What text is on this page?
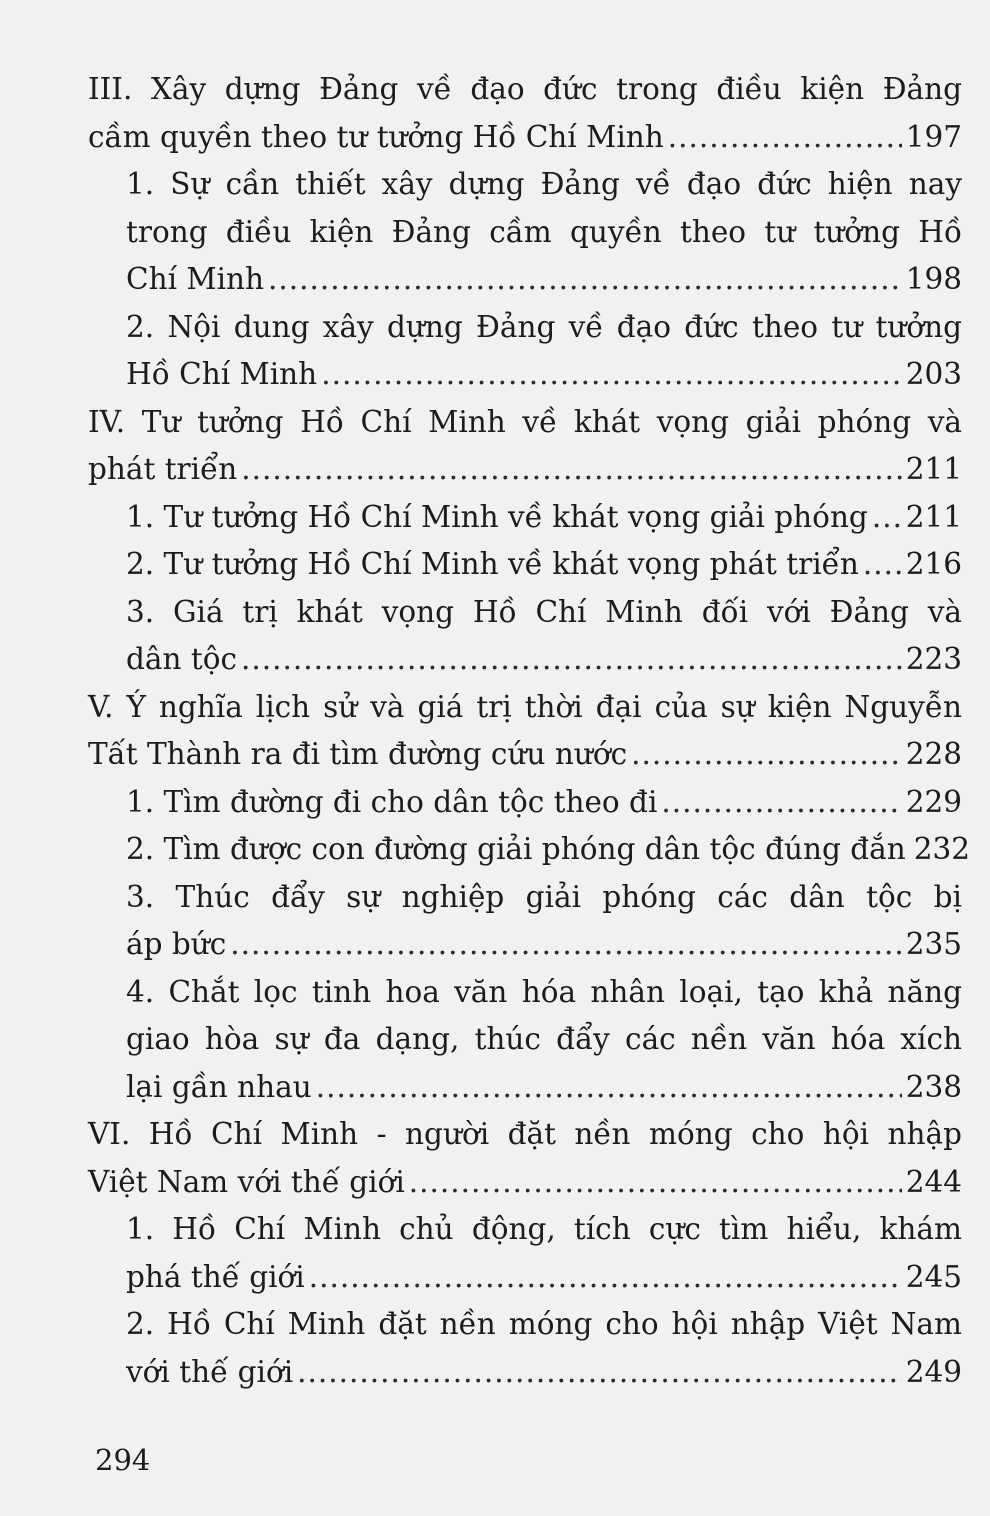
III. Xây dựng Đảng về đạo đức trong điều kiện Đảng
cầm quyền theo tư tưởng Hồ Chí Minh .....	197
1. Sự cần thiết xây dựng Đảng về đạo đức hiện nay
trong điều kiện Đảng cầm quyền theo tư tưởng Hồ
Chí Minh .....	198
2. Nội dung xây dựng Đảng về đạo đức theo tư tưởng
Hồ Chí Minh .....	203
IV. Tư tưởng Hồ Chí Minh về khát vọng giải phóng và
phát triển .....	211
1. Tư tưởng Hồ Chí Minh về khát vọng giải phóng ..... 211
2. Tư tưởng Hồ Chí Minh về khát vọng phát triển ..... 216
3. Giá trị khát vọng Hồ Chí Minh đối với Đảng và
dân tộc .....	223
V. Ý nghĩa lịch sử và giá trị thời đại của sự kiện Nguyễn
Tất Thành ra đi tìm đường cứu nước .....	228
1. Tìm đường đi cho dân tộc theo đi .....	229
2. Tìm được con đường giải phóng dân tộc đúng đắn 232
3. Thúc đẩy sự nghiệp giải phóng các dân tộc bị
áp bức .....	235
4. Chắt lọc tinh hoa văn hóa nhân loại, tạo khả năng
giao hòa sự đa dạng, thúc đẩy các nền văn hóa xích
lại gần nhau .....	238
VI. Hồ Chí Minh - người đặt nền móng cho hội nhập
Việt Nam với thế giới .....	244
1. Hồ Chí Minh chủ động, tích cực tìm hiểu, khám
phá thế giới .....	245
2. Hồ Chí Minh đặt nền móng cho hội nhập Việt Nam
với thế giới .....	249
294
